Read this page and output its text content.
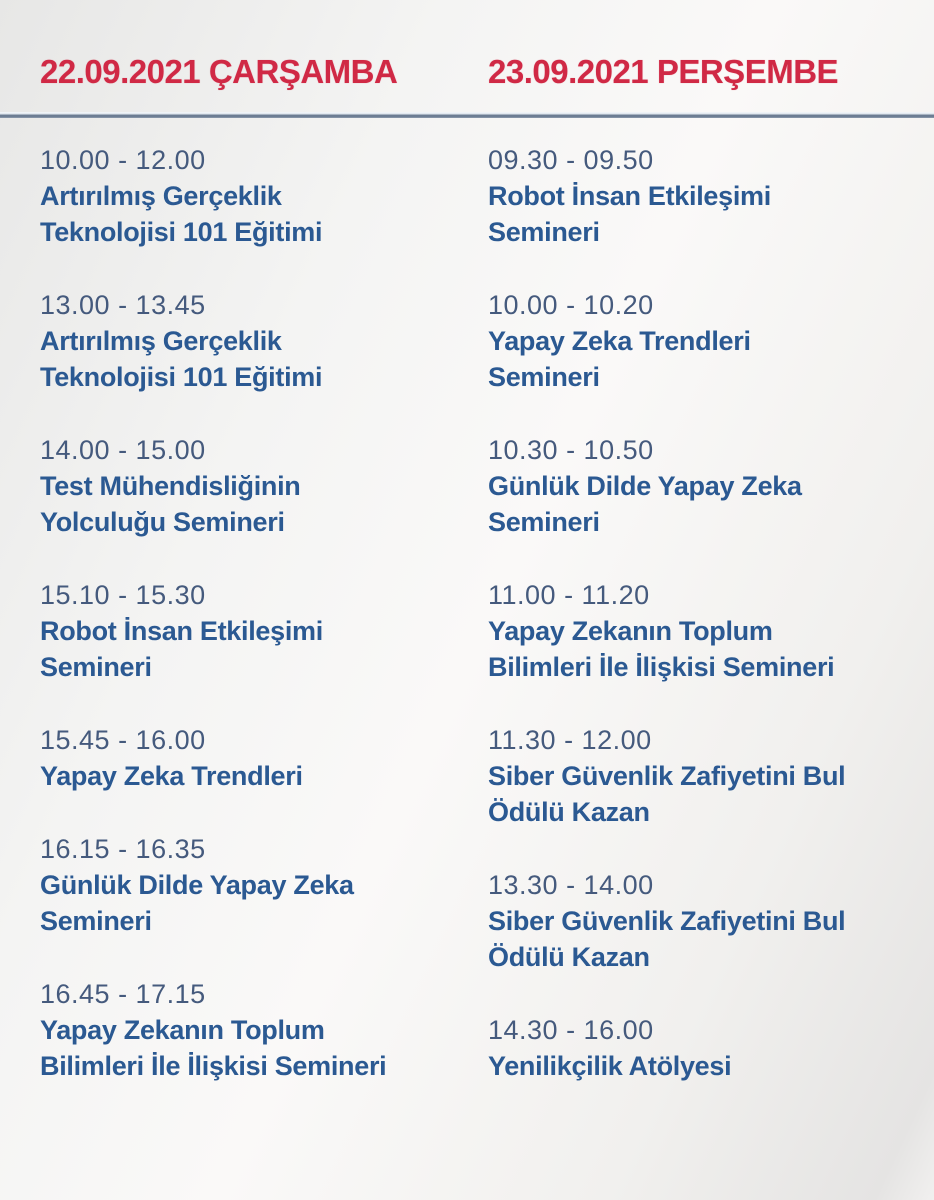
22.09.2021 ÇARŞAMBA	23.09.2021 PERŞEMBE
10.00 - 12.00
Artırılmış Gerçeklik
Teknolojisi 101 Eğitimi
13.00 - 13.45
Artırılmış Gerçeklik
Teknolojisi 101 Eğitimi
14.00 - 15.00
Test Mühendisliğinin
Yolculuğu Semineri
15.10 - 15.30
Robot İnsan Etkileşimi
Semineri
15.45 - 16.00
Yapay Zeka Trendleri
16.15 - 16.35
Günlük Dilde Yapay Zeka
Semineri
16.45 - 17.15
Yapay Zekanın Toplum
Bilimleri İle İlişkisi Semineri
09.30 - 09.50
Robot İnsan Etkileşimi
Semineri
10.00 - 10.20
Yapay Zeka Trendleri
Semineri
10.30 - 10.50
Günlük Dilde Yapay Zeka
Semineri
11.00 - 11.20
Yapay Zekanın Toplum
Bilimleri İle İlişkisi Semineri
11.30 - 12.00
Siber Güvenlik Zafiyetini Bul
Ödülü Kazan
13.30 - 14.00
Siber Güvenlik Zafiyetini Bul
Ödülü Kazan
14.30 - 16.00
Yenilikçilik Atölyesi
